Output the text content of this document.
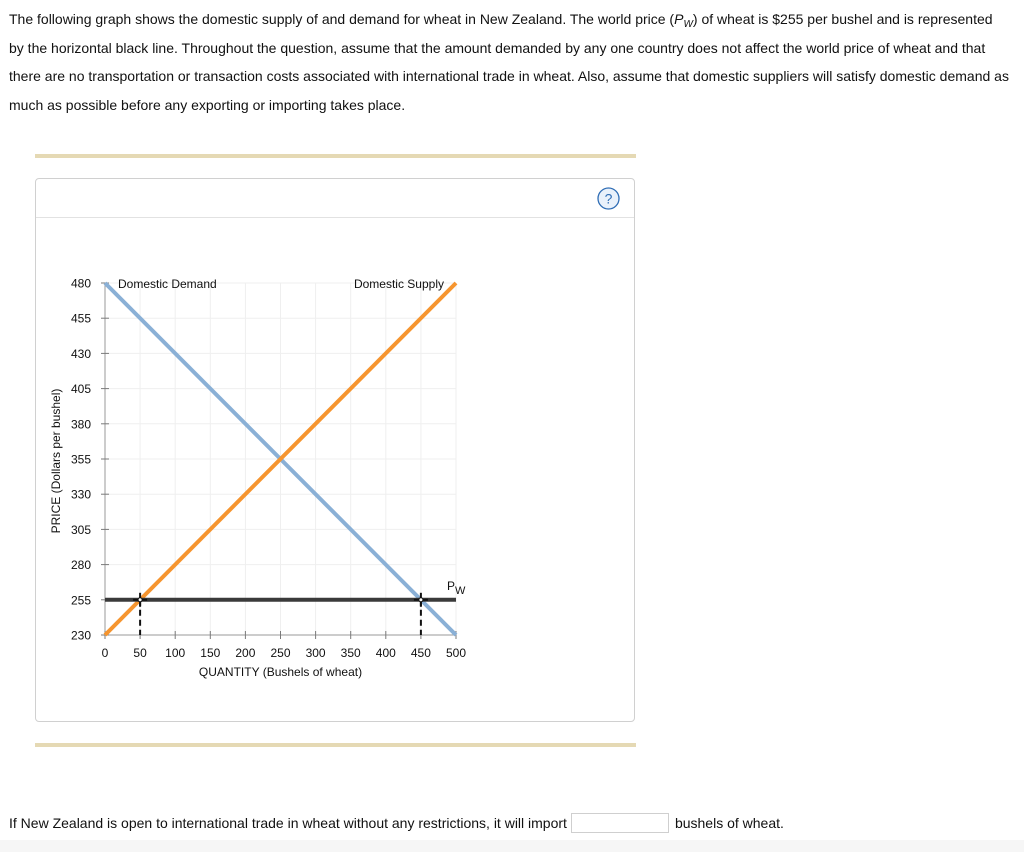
The following graph shows the domestic supply of and demand for wheat in New Zealand. The world price $(P_W)$ of wheat is $255 per bushel and is represented by the horizontal black line. Throughout the question, assume that the amount demanded by any one country does not affect the world price of wheat and that there are no transportation or transaction costs associated with international trade in wheat. Also, assume that domestic suppliers will satisfy domestic demand as much as possible before any exporting or importing takes place.

?
230
255
280
305
330
355
380
405
430
455
480
0 50 100 150 200 250 300 350 400 450 500
QUANTITY (Bushels of wheat)
PRICE (Dollars per bushel)
Domestic Demand	Domestic Supply
PW
If New Zealand is open to international trade in wheat without any restrictions, it will import	bushels of wheat.
